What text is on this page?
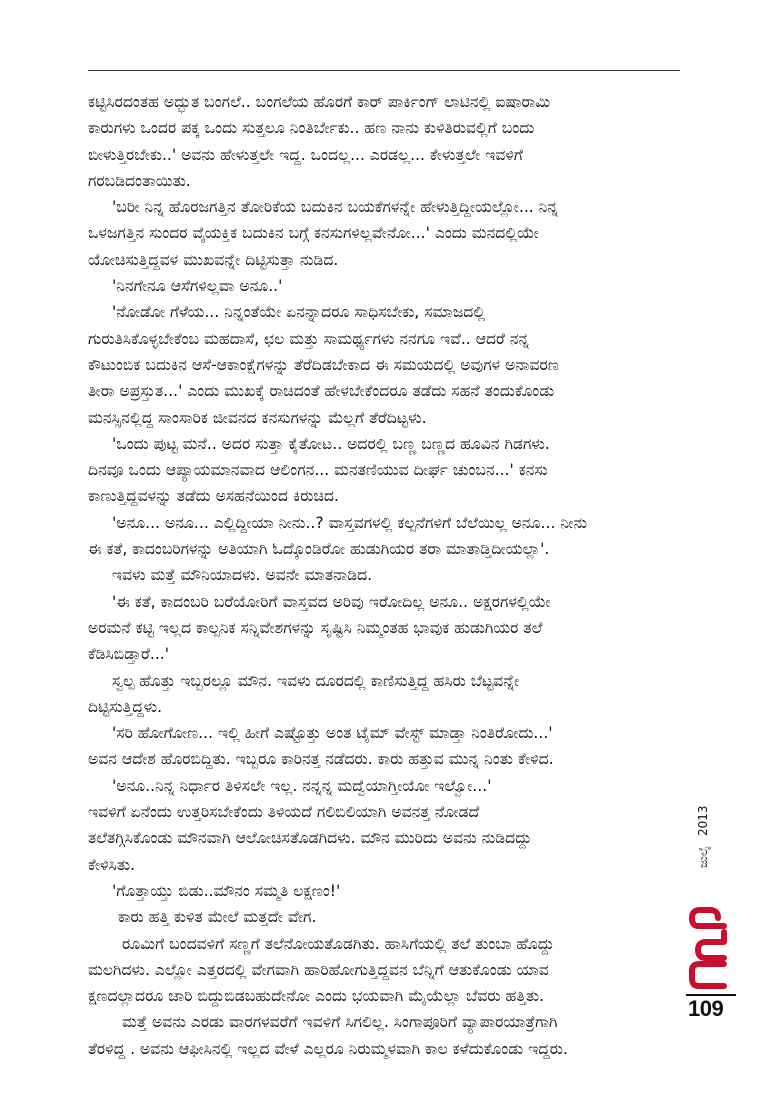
ಕಟ್ಟಿಸಿರದಂತಹ ಅದ್ಭುತ ಬಂಗಲೆ.. ಬಂಗಲೆಯ ಹೊರಗೆ ಕಾರ್ ಪಾರ್ಕಿಂಗ್ ಲಾಟಿನಲ್ಲಿ ಐಷಾರಾಮಿ
ಕಾರುಗಳು ಒಂದರ ಪಕ್ಕ ಒಂದು ಸುತ್ತಲೂ ನಿಂತಿರ್ಬೇಕು.. ಹಣ ನಾನು ಕುಳಿತಿರುವಲ್ಲಿಗೆ ಬಂದು
ಬೀಳುತ್ತಿರಬೇಕು..' ಅವನು ಹೇಳುತ್ತಲೇ ಇದ್ದ. ಒಂದಲ್ಲ... ಎರಡಲ್ಲ... ಕೇಳುತ್ತಲೇ ಇವಳಿಗೆ
ಗರಬಡಿದಂತಾಯಿತು.
'ಬರೀ ನಿನ್ನ ಹೊರಜಗತ್ತಿನ ತೋರಿಕೆಯ ಬದುಕಿನ ಬಯಕೆಗಳನ್ನೇ ಹೇಳುತ್ತಿದ್ದೀಯಲ್ಲೋ... ನಿನ್ನ
ಒಳಜಗತ್ತಿನ ಸುಂದರ ವೈಯಕ್ತಿಕ ಬದುಕಿನ ಬಗ್ಗೆ ಕನಸುಗಳಿಲ್ಲವೇನೋ...' ಎಂದು ಮನದಲ್ಲಿಯೇ
ಯೋಚಿಸುತ್ತಿದ್ದವಳ ಮುಖವನ್ನೇ ದಿಟ್ಟಿಸುತ್ತಾ ನುಡಿದ.
'ನಿನಗೇನೂ ಆಸೆಗಳಿಲ್ಲವಾ ಅನೂ..'
'ನೋಡೋ ಗೆಳೆಯ... ನಿನ್ನಂತೆಯೇ ಏನನ್ನಾದರೂ ಸಾಧಿಸಬೇಕು, ಸಮಾಜದಲ್ಲಿ
ಗುರುತಿಸಿಕೊಳ್ಳಬೇಕೆಂಬ ಮಹದಾಸೆ, ಛಲ ಮತ್ತು ಸಾಮರ್ಥ್ಯಗಳು ನನಗೂ ಇವೆ.. ಆದರೆ ನನ್ನ
ಕೌಟುಂಬಿಕ ಬದುಕಿನ ಆಸೆ-ಆಕಾಂಕ್ಷೆಗಳನ್ನು ತೆರೆದಿಡಬೇಕಾದ ಈ ಸಮಯದಲ್ಲಿ ಅವುಗಳ ಅನಾವರಣ
ತೀರಾ ಅಪ್ರಸ್ತುತ...' ಎಂದು ಮುಖಕ್ಕೆ ರಾಚಿದಂತೆ ಹೇಳಬೇಕೆಂದರೂ ತಡೆದು ಸಹನೆ ತಂದುಕೊಂಡು
ಮನಸ್ಸಿನಲ್ಲಿದ್ದ ಸಾಂಸಾರಿಕ ಜೀವನದ ಕನಸುಗಳನ್ನು ಮೆಲ್ಲಗೆ ತೆರೆದಿಟ್ಟಳು.
'ಒಂದು ಪುಟ್ಟ ಮನೆ.. ಅದರ ಸುತ್ತಾ ಕೈತೋಟ.. ಅದರಲ್ಲಿ ಬಣ್ಣ ಬಣ್ಣದ ಹೂವಿನ ಗಿಡಗಳು.
ದಿನವೂ ಒಂದು ಆಪ್ಯಾಯಮಾನವಾದ ಆಲಿಂಗನ... ಮನತಣಿಯುವ ದೀರ್ಘ ಚುಂಬನ...' ಕನಸು
ಕಾಣುತ್ತಿದ್ದವಳನ್ನು ತಡೆದು ಅಸಹನೆಯಿಂದ ಕಿರುಚಿದ.
'ಅನೂ... ಅನೂ... ಎಲ್ಲಿದ್ದೀಯಾ ನೀನು..? ವಾಸ್ತವಗಳಲ್ಲಿ ಕಲ್ಪನೆಗಳಿಗೆ ಬೆಲೆಯಿಲ್ಲ ಅನೂ... ನೀನು
ಈ ಕತೆ, ಕಾದಂಬರಿಗಳನ್ನು ಅತಿಯಾಗಿ ಓದ್ಕೊಂಡಿರೋ ಹುಡುಗಿಯರ ತರಾ ಮಾತಾಡ್ತಿದೀಯಲ್ಲಾ'.
ಇವಳು ಮತ್ತೆ ಮೌನಿಯಾದಳು. ಅವನೇ ಮಾತನಾಡಿದ.
'ಈ ಕತೆ, ಕಾದಂಬರಿ ಬರೆಯೋರಿಗೆ ವಾಸ್ತವದ ಅರಿವು ಇರೋದಿಲ್ಲ ಅನೂ.. ಅಕ್ಷರಗಳಲ್ಲಿಯೇ
ಅರಮನೆ ಕಟ್ಟಿ ಇಲ್ಲದ ಕಾಲ್ಪನಿಕ ಸನ್ನಿವೇಶಗಳನ್ನು ಸೃಷ್ಟಿಸಿ ನಿಮ್ಮಂತಹ ಭಾವುಕ ಹುಡುಗಿಯರ ತಲೆ
ಕೆಡಿಸಿಬಿಡ್ತಾರೆ...'
ಸ್ವಲ್ಪ ಹೊತ್ತು ಇಬ್ಬರಲ್ಲೂ ಮೌನ. ಇವಳು ದೂರದಲ್ಲಿ ಕಾಣಿಸುತ್ತಿದ್ದ ಹಸಿರು ಬೆಟ್ಟವನ್ನೇ
ದಿಟ್ಟಿಸುತ್ತಿದ್ದಳು.
'ಸರಿ ಹೋಗೋಣ... ಇಲ್ಲಿ ಹೀಗೆ ಎಷ್ಟೊತ್ತು ಅಂತ ಟೈಮ್ ವೇಸ್ಟ್ ಮಾಡ್ತಾ ನಿಂತಿರೋದು...'
ಅವನ ಆದೇಶ ಹೊರಬಿದ್ದಿತು. ಇಬ್ಬರೂ ಕಾರಿನತ್ತ ನಡೆದರು. ಕಾರು ಹತ್ತುವ ಮುನ್ನ ನಿಂತು ಕೇಳಿದ.
'ಅನೂ..ನಿನ್ನ ನಿರ್ಧಾರ ತಿಳಿಸಲೇ ಇಲ್ಲ. ನನ್ನನ್ನ ಮದ್ವೆಯಾಗ್ತೀಯೋ ಇಲ್ವೋ...'
ಇವಳಿಗೆ ಏನೆಂದು ಉತ್ತರಿಸಬೇಕೆಂದು ತಿಳಿಯದೆ ಗಲಿಬಿಲಿಯಾಗಿ ಅವನತ್ತ ನೋಡದೆ
ತಲೆತಗ್ಗಿಸಿಕೊಂಡು ಮೌನವಾಗಿ ಆಲೋಚಿಸತೊಡಗಿದಳು. ಮೌನ ಮುರಿದು ಅವನು ನುಡಿದದ್ದು
ಕೇಳಿಸಿತು.
'ಗೊತ್ತಾಯ್ತು ಬಿಡು..ಮೌನಂ ಸಮ್ಮತಿ ಲಕ್ಷಣಂ!'
ಕಾರು ಹತ್ತಿ ಕುಳಿತ ಮೇಲೆ ಮತ್ತದೇ ವೇಗ.
ರೂಮಿಗೆ ಬಂದವಳಿಗೆ ಸಣ್ಣಗೆ ತಲೆನೋಯತೊಡಗಿತು. ಹಾಸಿಗೆಯಲ್ಲಿ ತಲೆ ತುಂಬಾ ಹೊದ್ದು
ಮಲಗಿದಳು. ಎಲ್ಲೋ ಎತ್ತರದಲ್ಲಿ ವೇಗವಾಗಿ ಹಾರಿಹೋಗುತ್ತಿದ್ದವನ ಬೆನ್ನಿಗೆ ಆತುಕೊಂಡು ಯಾವ
ಕ್ಷಣದಲ್ಲಾದರೂ ಜಾರಿ ಬಿದ್ದುಬಿಡಬಹುದೇನೋ ಎಂದು ಭಯವಾಗಿ ಮೈಯೆಲ್ಲಾ ಬೆವರು ಹತ್ತಿತು.
ಮತ್ತೆ ಅವನು ಎರಡು ವಾರಗಳವರೆಗೆ ಇವಳಿಗೆ ಸಿಗಲಿಲ್ಲ. ಸಿಂಗಾಪೂರಿಗೆ ವ್ಯಾಪಾರಯಾತ್ರೆಗಾಗಿ
ತೆರಳಿದ್ದ . ಅವನು ಆಫೀಸಿನಲ್ಲಿ ಇಲ್ಲದ ವೇಳೆ ಎಲ್ಲರೂ ನಿರುಮ್ಮಳವಾಗಿ ಕಾಲ ಕಳೆದುಕೊಂಡು ಇದ್ದರು.
2013
ಜುಲೈ
109
